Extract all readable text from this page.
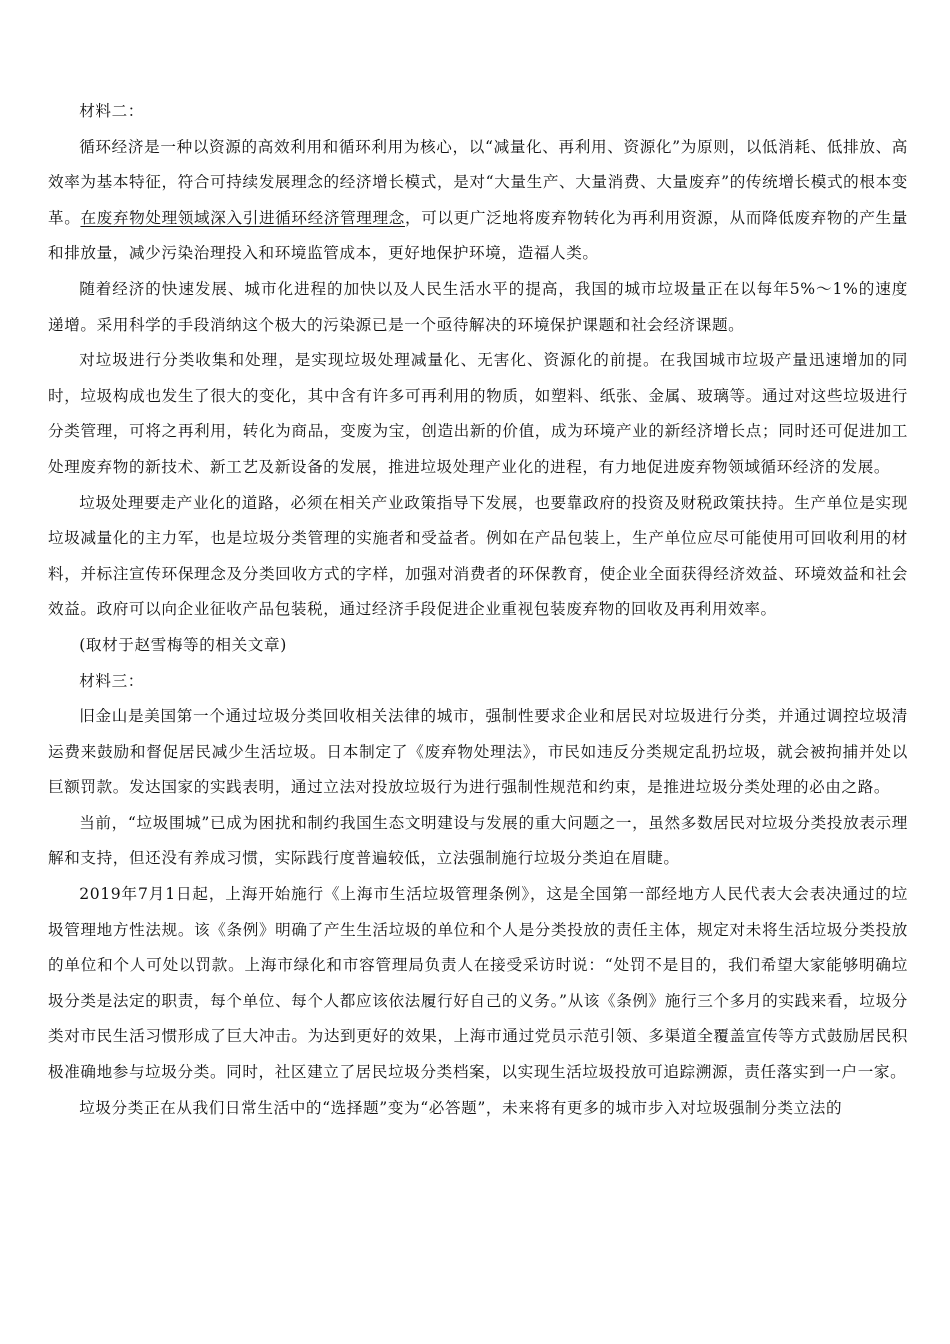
材料二：

循环经济是一种以资源的高效利用和循环利用为核心，以“减量化、再利用、资源化”为原则，以低消耗、低排放、高效率为基本特征，符合可持续发展理念的经济增长模式，是对“大量生产、大量消费、大量废弃”的传统增长模式的根本变革。在废弃物处理领域深入引进循环经济管理理念，可以更广泛地将废弃物转化为再利用资源，从而降低废弃物的产生量和排放量，减少污染治理投入和环境监管成本，更好地保护环境，造福人类。

随着经济的快速发展、城市化进程的加快以及人民生活水平的提高，我国的城市垃圾量正在以每年5%～1%的速度递增。采用科学的手段消纳这个极大的污染源已是一个亟待解决的环境保护课题和社会经济课题。

对垃圾进行分类收集和处理，是实现垃圾处理减量化、无害化、资源化的前提。在我国城市垃圾产量迅速增加的同时，垃圾构成也发生了很大的变化，其中含有许多可再利用的物质，如塑料、纸张、金属、玻璃等。通过对这些垃圾进行分类管理，可将之再利用，转化为商品，变废为宝，创造出新的价值，成为环境产业的新经济增长点；同时还可促进加工处理废弃物的新技术、新工艺及新设备的发展，推进垃圾处理产业化的进程，有力地促进废弃物领域循环经济的发展。

垃圾处理要走产业化的道路，必须在相关产业政策指导下发展，也要靠政府的投资及财税政策扶持。生产单位是实现垃圾减量化的主力军，也是垃圾分类管理的实施者和受益者。例如在产品包装上，生产单位应尽可能使用可回收利用的材料，并标注宣传环保理念及分类回收方式的字样，加强对消费者的环保教育，使企业全面获得经济效益、环境效益和社会效益。政府可以向企业征收产品包装税，通过经济手段促进企业重视包装废弃物的回收及再利用效率。

(取材于赵雪梅等的相关文章)

材料三：

旧金山是美国第一个通过垃圾分类回收相关法律的城市，强制性要求企业和居民对垃圾进行分类，并通过调控垃圾清运费来鼓励和督促居民减少生活垃圾。日本制定了《废弃物处理法》，市民如违反分类规定乱扔垃圾，就会被拘捕并处以巨额罚款。发达国家的实践表明，通过立法对投放垃圾行为进行强制性规范和约束，是推进垃圾分类处理的必由之路。

当前，“垃圾围城”已成为困扰和制约我国生态文明建设与发展的重大问题之一，虽然多数居民对垃圾分类投放表示理解和支持，但还没有养成习惯，实际践行度普遍较低，立法强制施行垃圾分类迫在眉睫。

2019年7月1日起，上海开始施行《上海市生活垃圾管理条例》，这是全国第一部经地方人民代表大会表决通过的垃圾管理地方性法规。该《条例》明确了产生生活垃圾的单位和个人是分类投放的责任主体，规定对未将生活垃圾分类投放的单位和个人可处以罚款。上海市绿化和市容管理局负责人在接受采访时说：“处罚不是目的，我们希望大家能够明确垃圾分类是法定的职责，每个单位、每个人都应该依法履行好自己的义务。”从该《条例》施行三个多月的实践来看，垃圾分类对市民生活习惯形成了巨大冲击。为达到更好的效果，上海市通过党员示范引领、多渠道全覆盖宣传等方式鼓励居民积极准确地参与垃圾分类。同时，社区建立了居民垃圾分类档案，以实现生活垃圾投放可追踪溯源，责任落实到一户一家。

垃圾分类正在从我们日常生活中的“选择题”变为“必答题”，未来将有更多的城市步入对垃圾强制分类立法的
